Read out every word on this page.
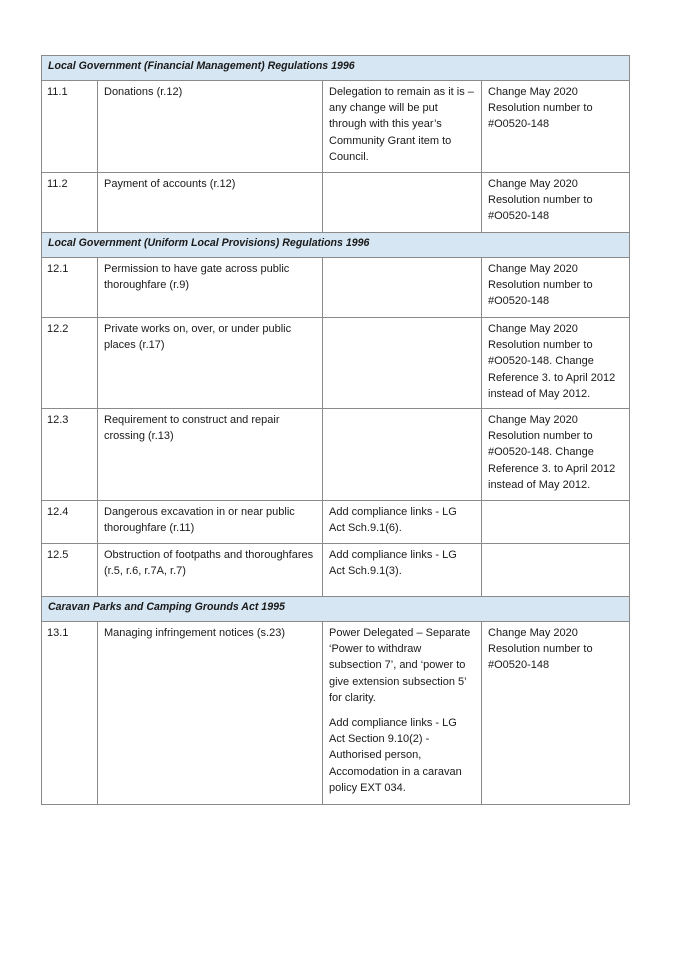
Local Government (Financial Management) Regulations 1996			
11.1	Donations (r.12)	Delegation to remain as it is – any change will be put through with this year’s Community Grant item to Council.	Change May 2020 Resolution number to #O0520-148
11.2	Payment of accounts (r.12)		Change May 2020 Resolution number to #O0520-148
Local Government (Uniform Local Provisions) Regulations 1996			
12.1	Permission to have gate across public thoroughfare (r.9)		Change May 2020 Resolution number to #O0520-148
12.2	Private works on, over, or under public places (r.17)		Change May 2020 Resolution number to #O0520-148. Change Reference 3. to April 2012 instead of May 2012.
12.3	Requirement to construct and repair crossing (r.13)		Change May 2020 Resolution number to #O0520-148. Change Reference 3. to April 2012 instead of May 2012.
12.4	Dangerous excavation in or near public thoroughfare (r.11)	Add compliance links - LG Act Sch.9.1(6).	

12.5	Obstruction of footpaths and thoroughfares (r.5, r.6, r.7A, r.7)	Add compliance links - LG Act Sch.9.1(3).	

Caravan Parks and Camping Grounds Act 1995			
13.1	Managing infringement notices (s.23)	Power Delegated – Separate ‘Power to withdraw subsection 7’, and ‘power to give extension subsection 5’ for clarity.

Add compliance links - LG Act Section 9.10(2) - Authorised person, Accomodation in a caravan policy EXT 034.	Change May 2020 Resolution number to #O0520-148
